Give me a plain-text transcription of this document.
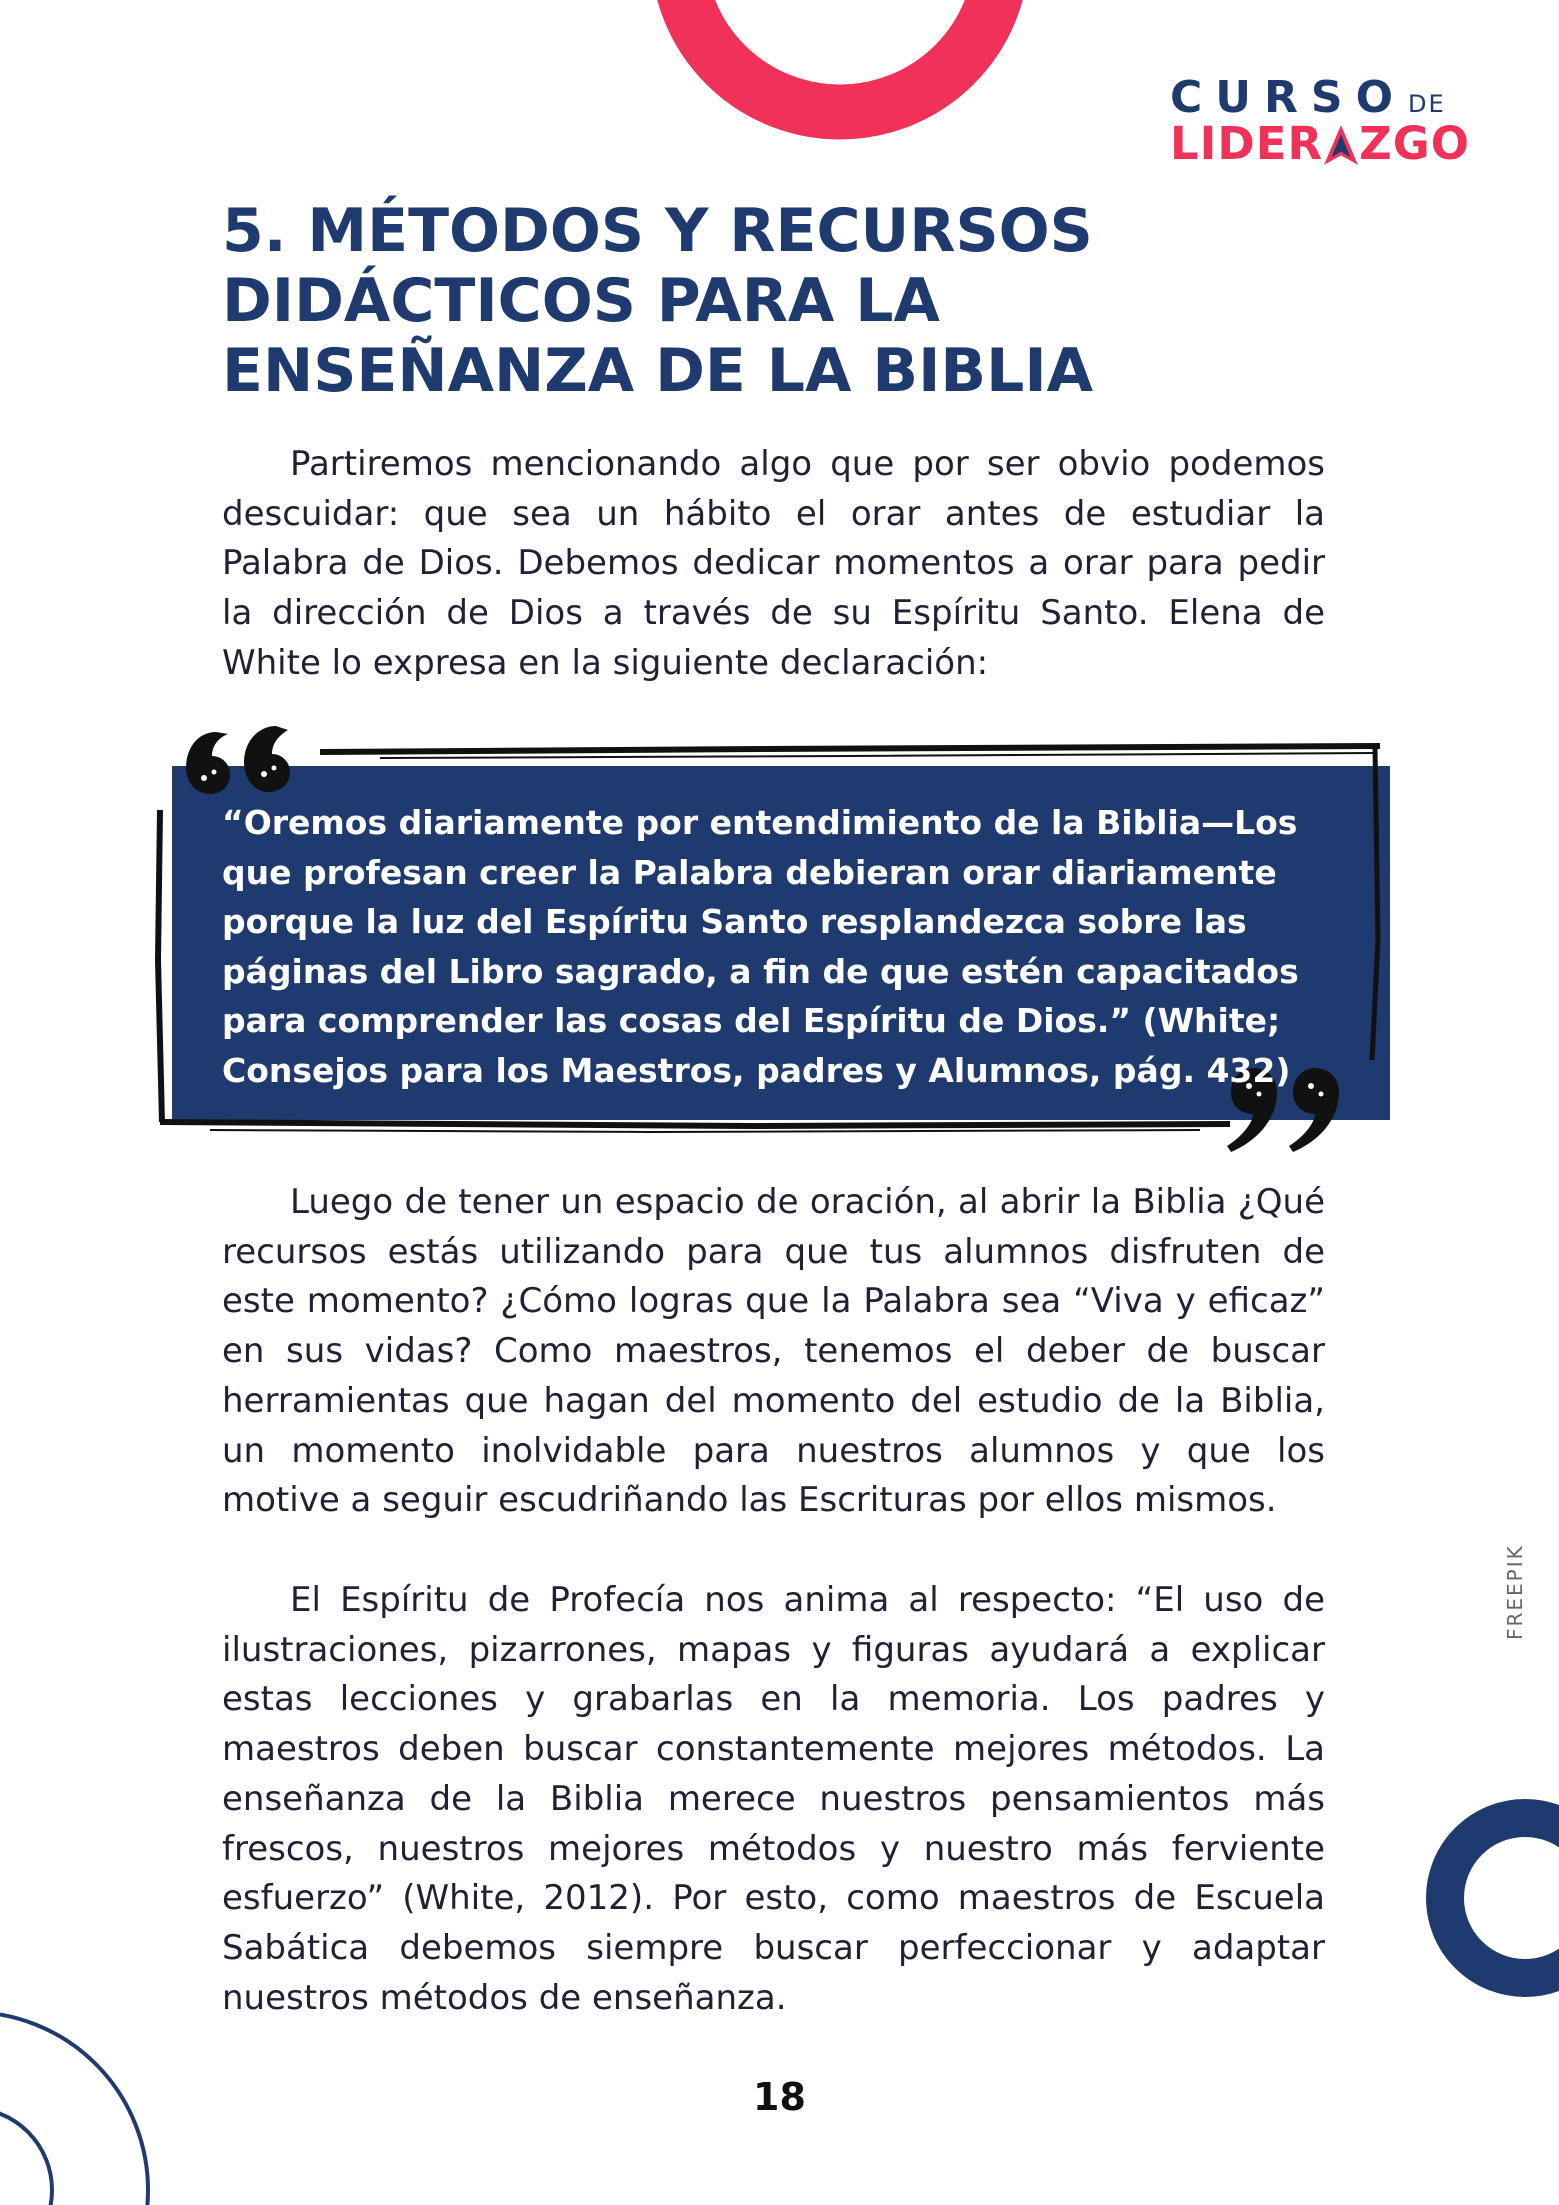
CURSO DE
LIDER ZGO
5. MÉTODOS Y RECURSOS DIDÁCTICOS PARA LA ENSEÑANZA DE LA BIBLIA

Partiremos mencionando algo que por ser obvio podemos descuidar: que sea un hábito el orar antes de estudiar la Palabra de Dios. Debemos dedicar momentos a orar para pedir la dirección de Dios a través de su Espíritu Santo. Elena de White lo expresa en la siguiente declaración:

“Oremos diariamente por entendimiento de la Biblia—Los que profesan creer la Palabra debieran orar diariamente porque la luz del Espíritu Santo resplandezca sobre las páginas del Libro sagrado, a fin de que estén capacitados para comprender las cosas del Espíritu de Dios.” (White; Consejos para los Maestros, padres y Alumnos, pág. 432)

Luego de tener un espacio de oración, al abrir la Biblia ¿Qué recursos estás utilizando para que tus alumnos disfruten de este momento? ¿Cómo logras que la Palabra sea “Viva y eficaz” en sus vidas? Como maestros, tenemos el deber de buscar herramientas que hagan del momento del estudio de la Biblia, un momento inolvidable para nuestros alumnos y que los motive a seguir escudriñando las Escrituras por ellos mismos.

El Espíritu de Profecía nos anima al respecto: “El uso de ilustraciones, pizarrones, mapas y figuras ayudará a explicar estas lecciones y grabarlas en la memoria. Los padres y maestros deben buscar constantemente mejores métodos. La enseñanza de la Biblia merece nuestros pensamientos más frescos, nuestros mejores métodos y nuestro más ferviente esfuerzo” (White, 2012). Por esto, como maestros de Escuela Sabática debemos siempre buscar perfeccionar y adaptar nuestros métodos de enseñanza.

FREEPIK
18
